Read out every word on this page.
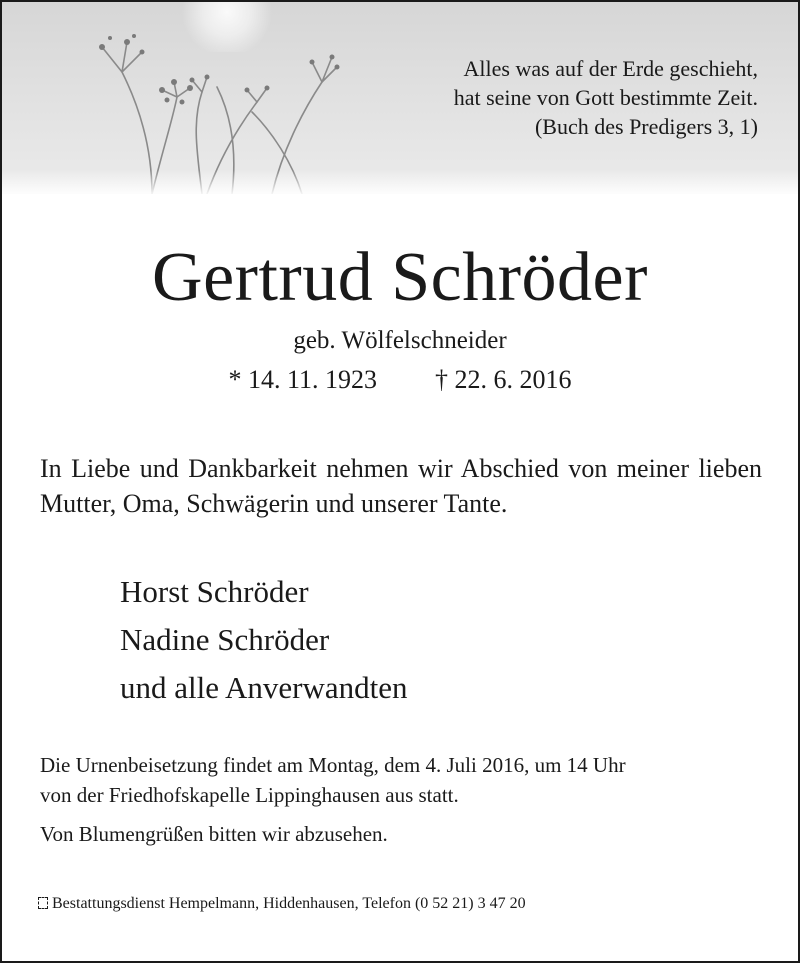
Alles was auf der Erde geschieht,
hat seine von Gott bestimmte Zeit.
(Buch des Predigers 3, 1)
Gertrud Schröder
geb. Wölfelschneider
* 14. 11. 1923 † 22. 6. 2016
In Liebe und Dankbarkeit nehmen wir Abschied von meiner lieben Mutter, Oma, Schwägerin und unserer Tante.
Horst Schröder
Nadine Schröder
und alle Anverwandten
Die Urnenbeisetzung findet am Montag, dem 4. Juli 2016, um 14 Uhr
von der Friedhofskapelle Lippinghausen aus statt.
Von Blumengrüßen bitten wir abzusehen.
Bestattungsdienst Hempelmann, Hiddenhausen, Telefon (0 52 21) 3 47 20
